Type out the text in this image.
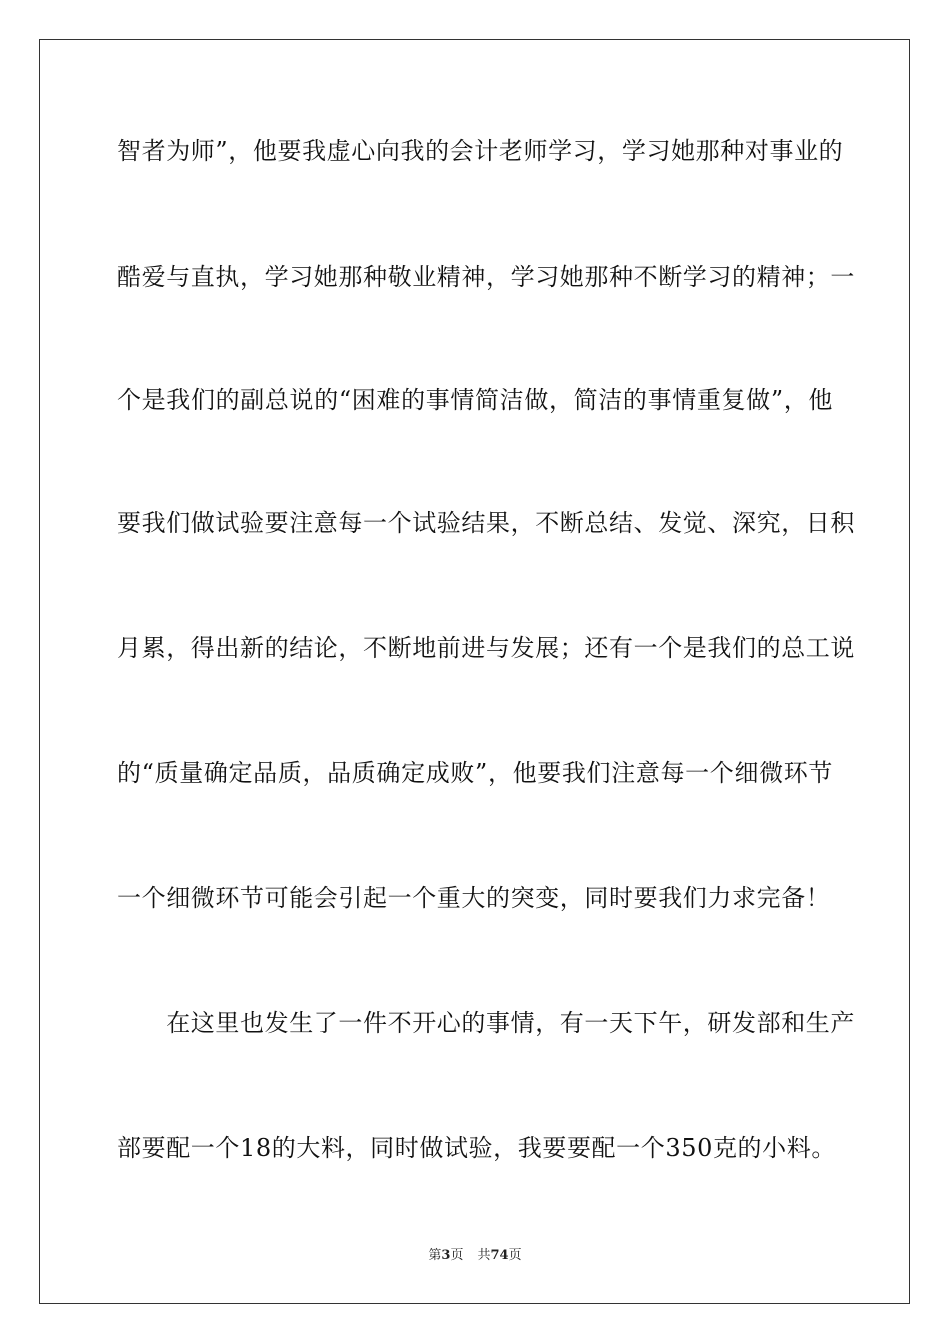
智者为师”，他要我虚心向我的会计老师学习，学习她那种对事业的
酷爱与直执，学习她那种敬业精神，学习她那种不断学习的精神；一
个是我们的副总说的“困难的事情简洁做，简洁的事情重复做”，他
要我们做试验要注意每一个试验结果，不断总结、发觉、深究，日积
月累，得出新的结论，不断地前进与发展；还有一个是我们的总工说
的“质量确定品质，品质确定成败”，他要我们注意每一个细微环节
一个细微环节可能会引起一个重大的突变，同时要我们力求完备！
　　在这里也发生了一件不开心的事情，有一天下午，研发部和生产
部要配一个18的大料，同时做试验，我要要配一个350克的小料。
第3页 共74页
